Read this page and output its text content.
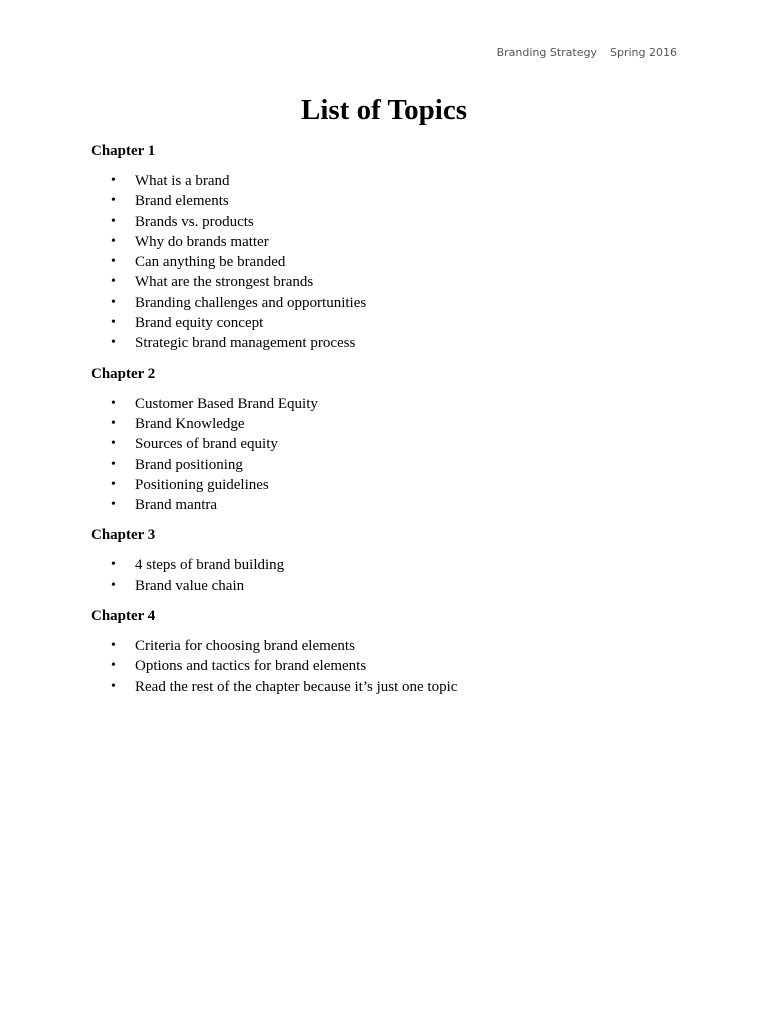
Branding Strategy Spring 2016
List of Topics
Chapter 1
• What is a brand
• Brand elements
• Brands vs. products
• Why do brands matter
• Can anything be branded
• What are the strongest brands
• Branding challenges and opportunities
• Brand equity concept
• Strategic brand management process
Chapter 2
• Customer Based Brand Equity
• Brand Knowledge
• Sources of brand equity
• Brand positioning
• Positioning guidelines
• Brand mantra
Chapter 3
• 4 steps of brand building
• Brand value chain
Chapter 4
• Criteria for choosing brand elements
• Options and tactics for brand elements
• Read the rest of the chapter because it’s just one topic
